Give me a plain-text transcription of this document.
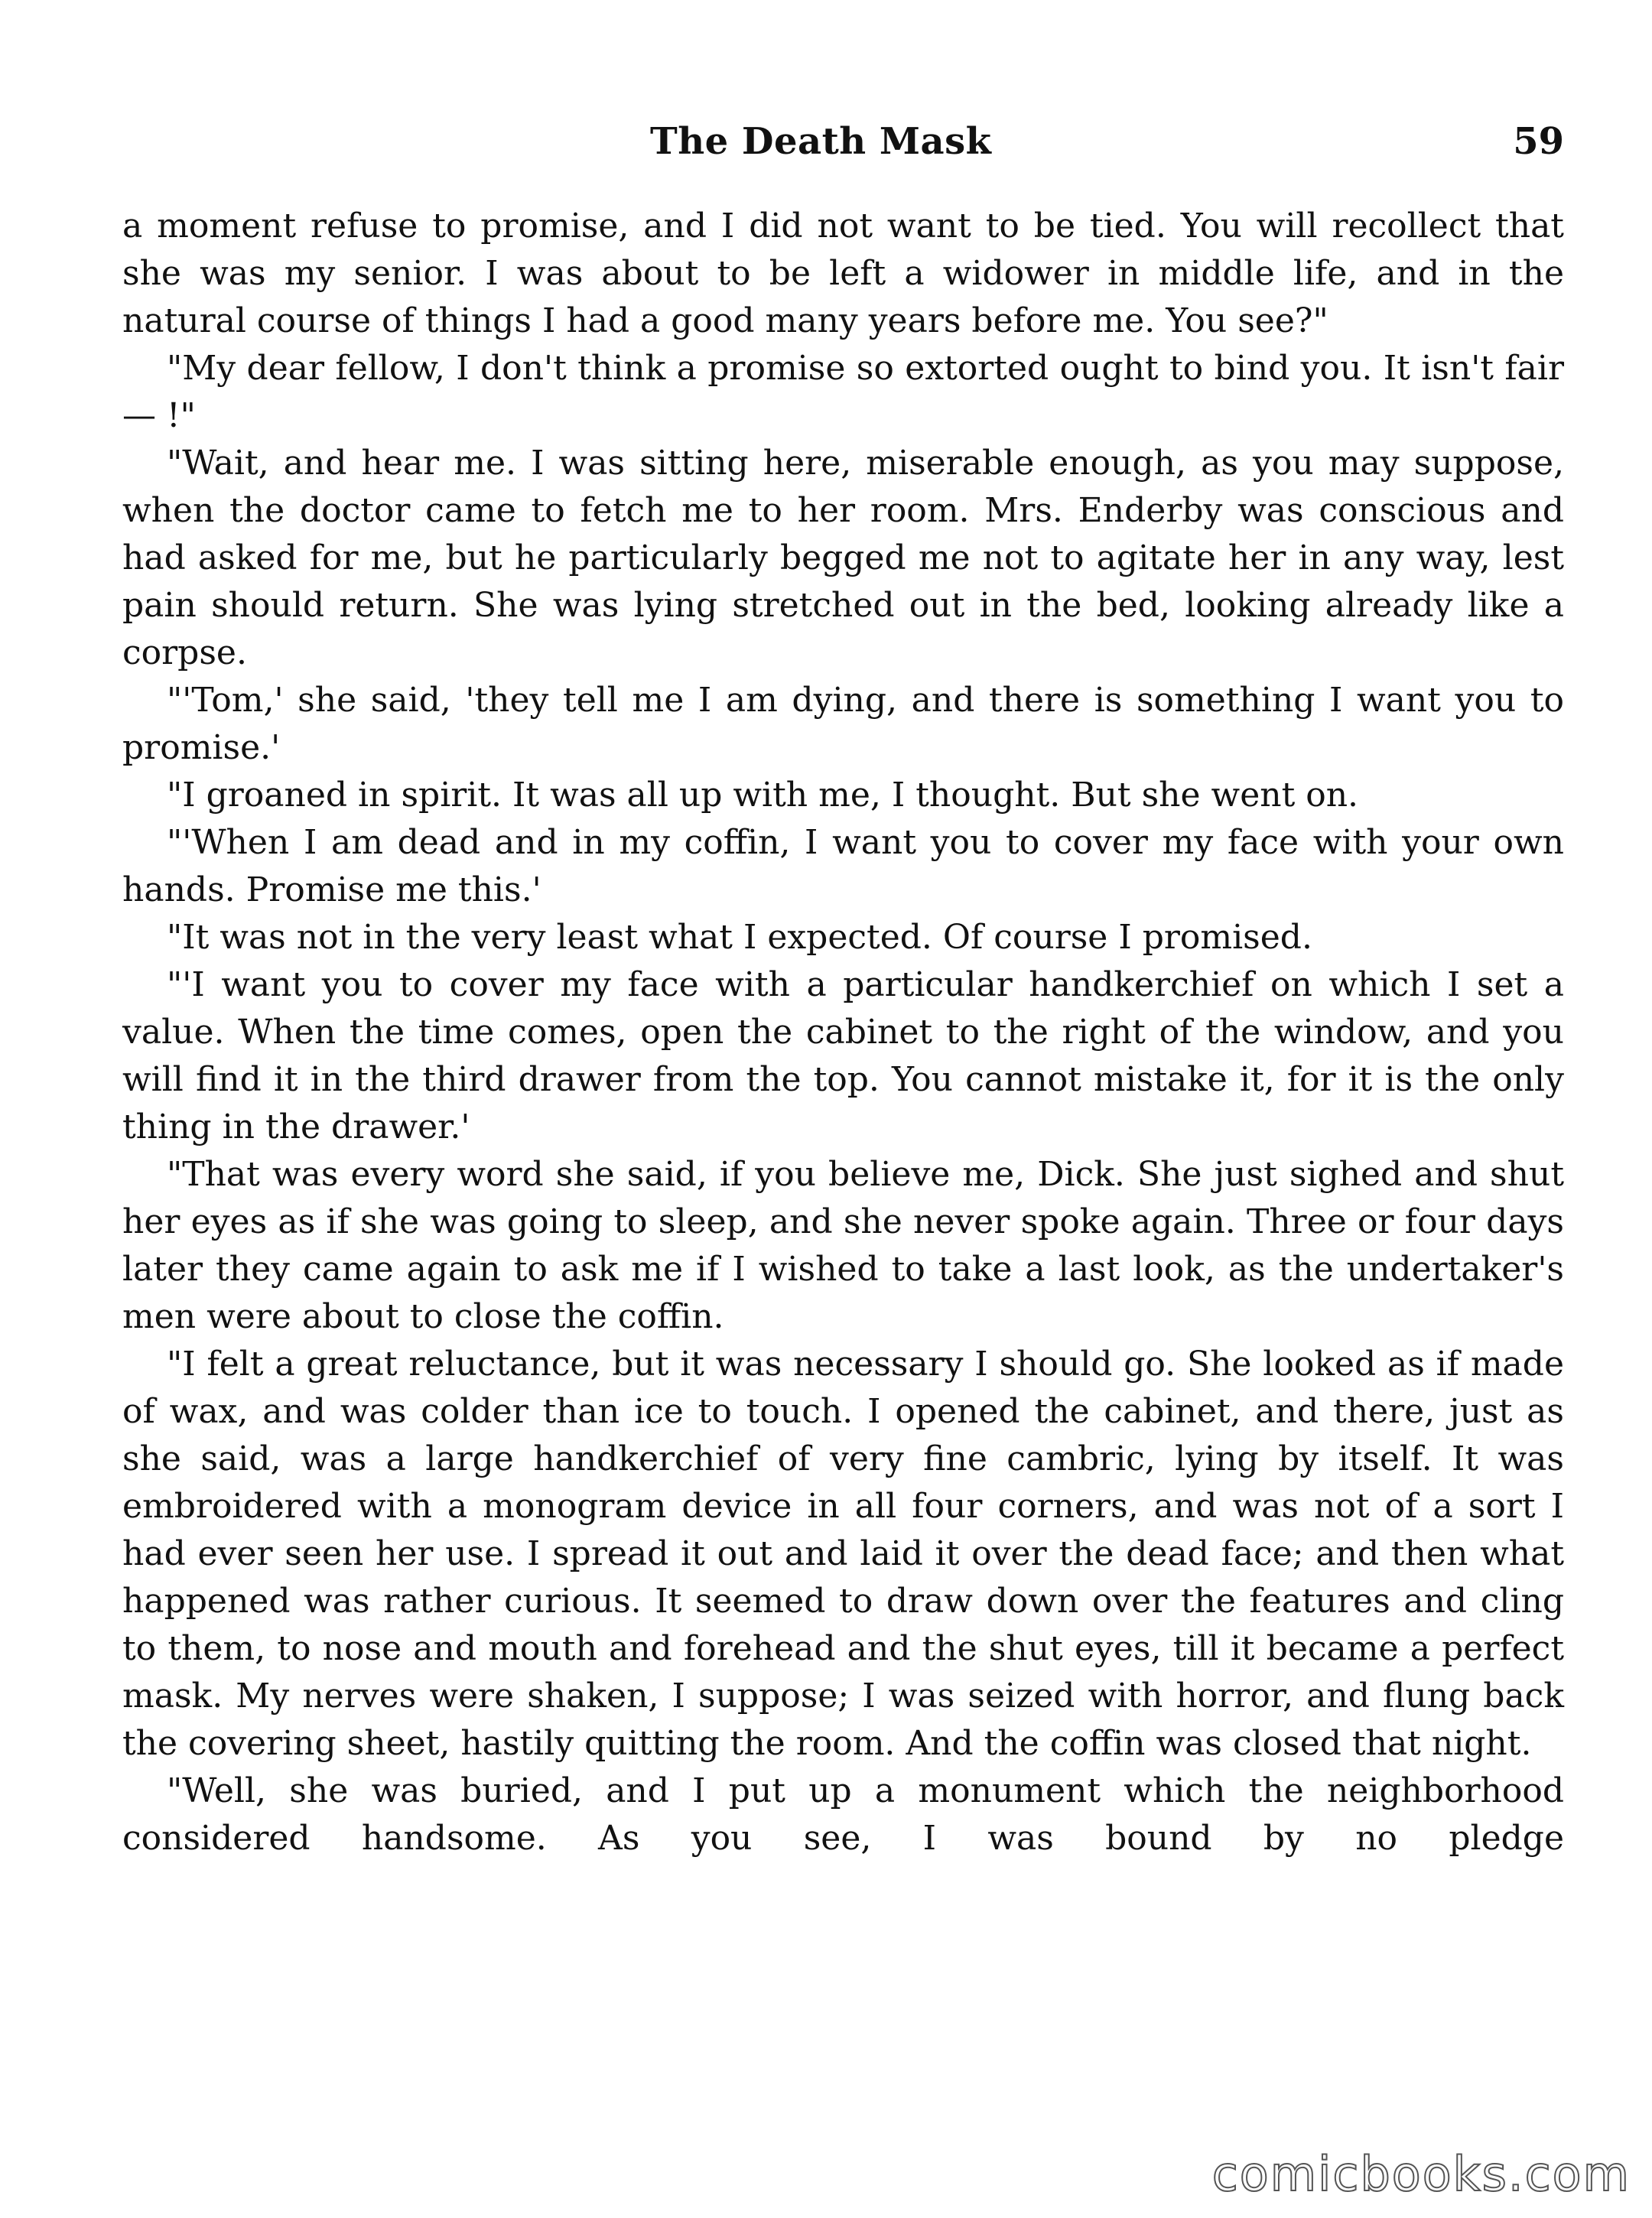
The Death Mask	59

a moment refuse to promise, and I did not want to be tied. You will recollect that she was my senior. I was about to be left a widower in middle life, and in the natural course of things I had a good many years before me. You see?"

"My dear fellow, I don't think a promise so extorted ought to bind you. It isn't fair — !"

"Wait, and hear me. I was sitting here, miserable enough, as you may suppose, when the doctor came to fetch me to her room. Mrs. Enderby was conscious and had asked for me, but he particularly begged me not to agitate her in any way, lest pain should return. She was lying stretched out in the bed, looking already like a corpse.

"'Tom,' she said, 'they tell me I am dying, and there is something I want you to promise.'

"I groaned in spirit. It was all up with me, I thought. But she went on.

"'When I am dead and in my coffin, I want you to cover my face with your own hands. Promise me this.'

"It was not in the very least what I expected. Of course I promised.

"'I want you to cover my face with a particular handkerchief on which I set a value. When the time comes, open the cabinet to the right of the window, and you will find it in the third drawer from the top. You cannot mistake it, for it is the only thing in the drawer.'

"That was every word she said, if you believe me, Dick. She just sighed and shut her eyes as if she was going to sleep, and she never spoke again. Three or four days later they came again to ask me if I wished to take a last look, as the undertaker's men were about to close the coffin.

"I felt a great reluctance, but it was necessary I should go. She looked as if made of wax, and was colder than ice to touch. I opened the cabinet, and there, just as she said, was a large handkerchief of very fine cambric, lying by itself. It was embroidered with a monogram device in all four corners, and was not of a sort I had ever seen her use. I spread it out and laid it over the dead face; and then what happened was rather curious. It seemed to draw down over the features and cling to them, to nose and mouth and forehead and the shut eyes, till it became a perfect mask. My nerves were shaken, I suppose; I was seized with horror, and flung back the covering sheet, hastily quitting the room. And the coffin was closed that night.

"Well, she was buried, and I put up a monument which the neighborhood considered handsome. As you see, I was bound by no pledge

comicbooks.com
